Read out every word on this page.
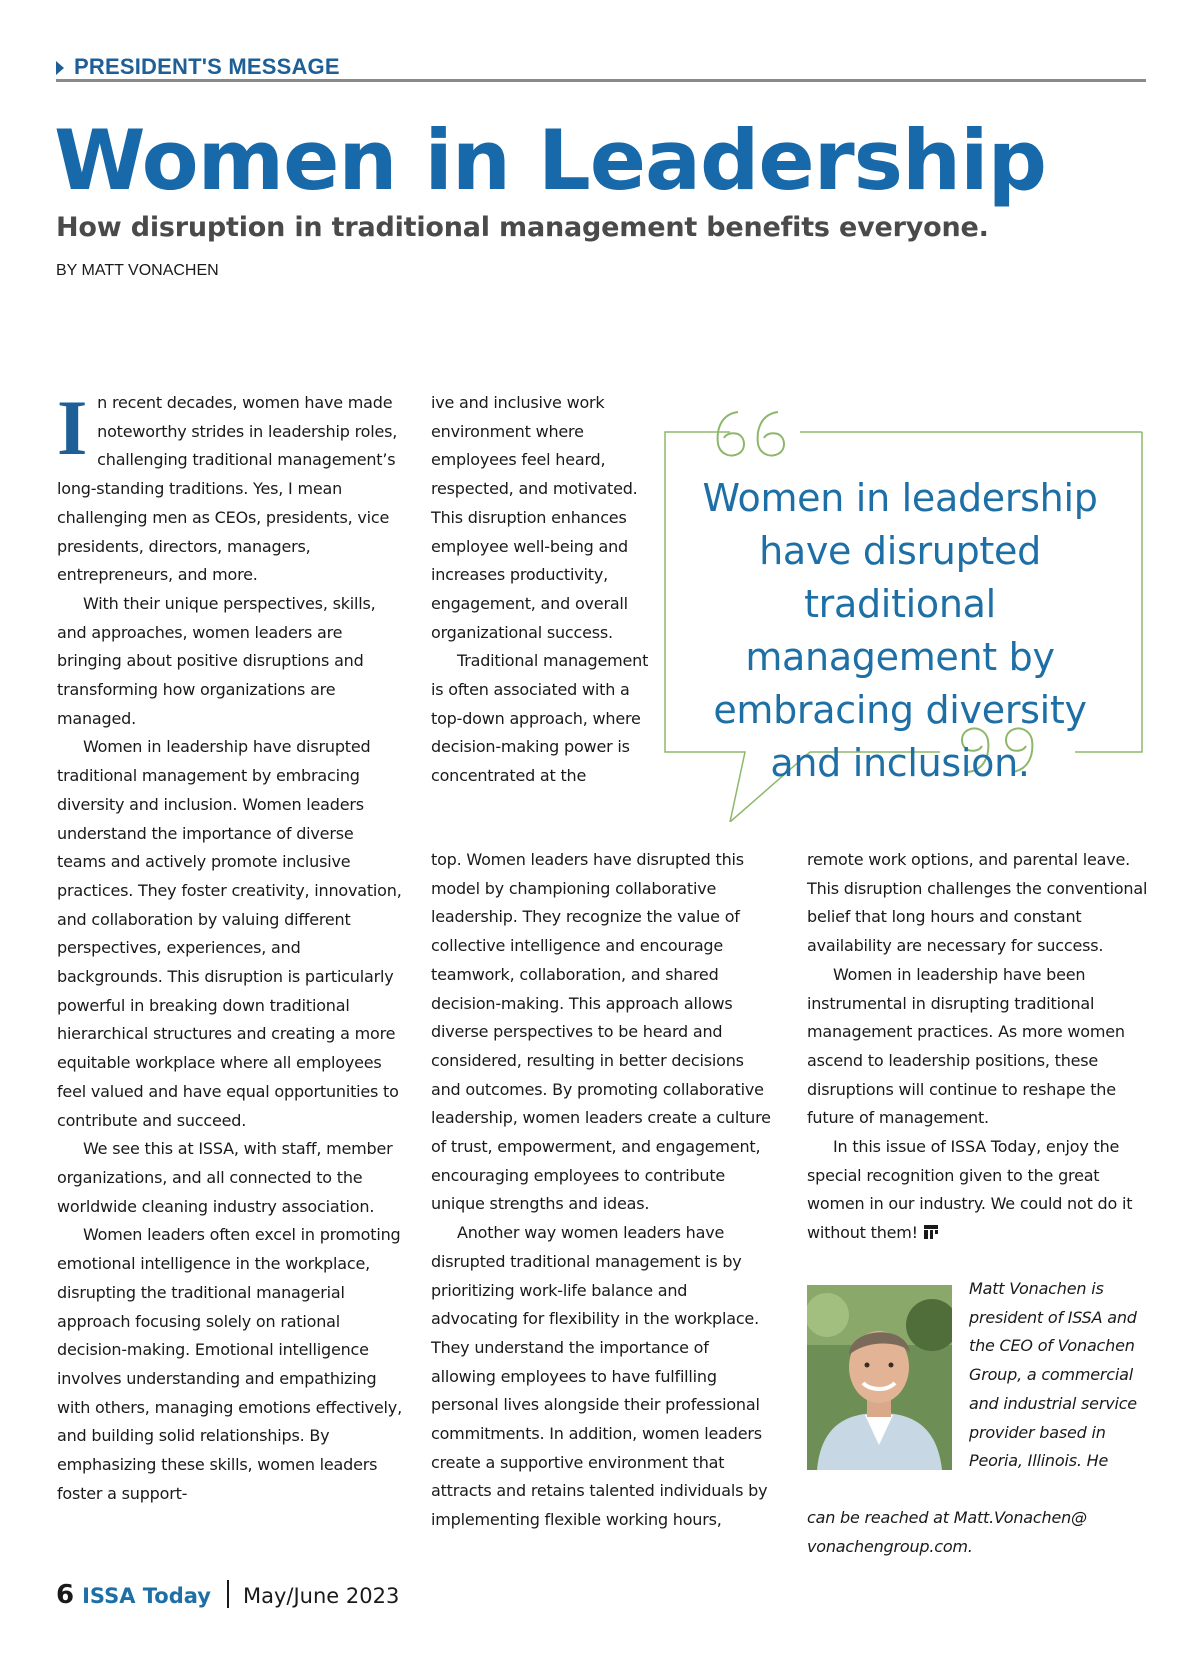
PRESIDENT'S MESSAGE
Women in Leadership
How disruption in traditional management benefits everyone.
BY MATT VONACHEN

In recent decades, women have made noteworthy strides in leadership roles, challenging traditional management’s long-standing traditions. Yes, I mean challenging men as CEOs, presidents, vice presidents, directors, managers, entrepreneurs, and more.

With their unique perspectives, skills, and approaches, women leaders are bringing about positive disruptions and transforming how organizations are managed.

Women in leadership have disrupted traditional management by embracing diversity and inclusion. Women leaders understand the importance of diverse teams and actively promote inclusive practices. They foster creativity, innovation, and collaboration by valuing different perspectives, experiences, and backgrounds. This disruption is particularly powerful in breaking down traditional hierarchical structures and creating a more equitable workplace where all employees feel valued and have equal opportunities to contribute and succeed.

We see this at ISSA, with staff, member organizations, and all connected to the worldwide cleaning industry association.

Women leaders often excel in promoting emotional intelligence in the workplace, disrupting the traditional managerial approach focusing solely on rational decision-making. Emotional intelligence involves understanding and empathizing with others, managing emotions effectively, and building solid relationships. By emphasizing these skills, women leaders foster a support-

ive and inclusive work environment where employees feel heard, respected, and motivated. This disruption enhances employee well-being and increases productivity, engagement, and overall organizational success.

Traditional management is often associated with a top-down approach, where decision-making power is concentrated at the

top. Women leaders have disrupted this model by championing collaborative leadership. They recognize the value of collective intelligence and encourage teamwork, collaboration, and shared decision-making. This approach allows diverse perspectives to be heard and considered, resulting in better decisions and outcomes. By promoting collaborative leadership, women leaders create a culture of trust, empowerment, and engagement, encouraging employees to contribute unique strengths and ideas.

Another way women leaders have disrupted traditional management is by prioritizing work-life balance and advocating for flexibility in the workplace. They understand the importance of allowing employees to have fulfilling personal lives alongside their professional commitments. In addition, women leaders create a supportive environment that attracts and retains talented individuals by implementing flexible working hours,

Women in leadership have disrupted traditional management by embracing diversity and inclusion.

remote work options, and parental leave. This disruption challenges the conventional belief that long hours and constant availability are necessary for success.

Women in leadership have been instrumental in disrupting traditional management practices. As more women ascend to leadership positions, these disruptions will continue to reshape the future of management.

In this issue of ISSA Today, enjoy the special recognition given to the great women in our industry. We could not do it without them!

Matt Vonachen is president of ISSA and the CEO of Vonachen Group, a commercial and industrial service provider based in Peoria, Illinois. He
can be reached at Matt.Vonachen@ vonachengroup.com.
6 ISSA Today May/June 2023
